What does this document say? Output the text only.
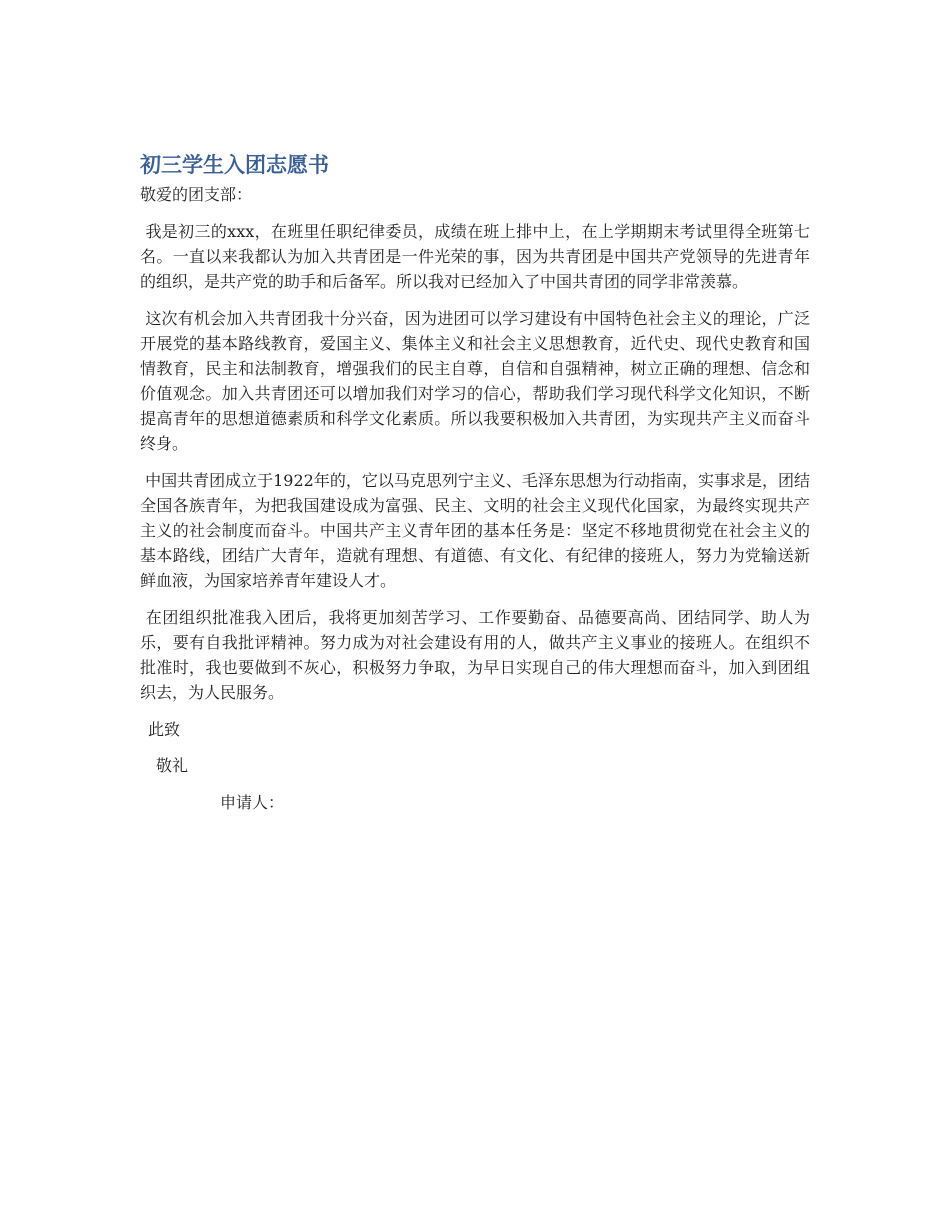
初三学生入团志愿书

敬爱的团支部：

我是初三的xxx，在班里任职纪律委员，成绩在班上排中上，在上学期期末考试里得全班第七名。一直以来我都认为加入共青团是一件光荣的事，因为共青团是中国共产党领导的先进青年的组织，是共产党的助手和后备军。所以我对已经加入了中国共青团的同学非常羡慕。

这次有机会加入共青团我十分兴奋，因为进团可以学习建设有中国特色社会主义的理论，广泛开展党的基本路线教育，爱国主义、集体主义和社会主义思想教育，近代史、现代史教育和国情教育，民主和法制教育，增强我们的民主自尊，自信和自强精神，树立正确的理想、信念和价值观念。加入共青团还可以增加我们对学习的信心，帮助我们学习现代科学文化知识，不断提高青年的思想道德素质和科学文化素质。所以我要积极加入共青团，为实现共产主义而奋斗终身。

中国共青团成立于1922年的，它以马克思列宁主义、毛泽东思想为行动指南，实事求是，团结全国各族青年，为把我国建设成为富强、民主、文明的社会主义现代化国家，为最终实现共产主义的社会制度而奋斗。中国共产主义青年团的基本任务是：坚定不移地贯彻党在社会主义的基本路线，团结广大青年，造就有理想、有道德、有文化、有纪律的接班人，努力为党输送新鲜血液，为国家培养青年建设人才。

在团组织批准我入团后，我将更加刻苦学习、工作要勤奋、品德要高尚、团结同学、助人为乐，要有自我批评精神。努力成为对社会建设有用的人，做共产主义事业的接班人。在组织不批准时，我也要做到不灰心，积极努力争取，为早日实现自己的伟大理想而奋斗，加入到团组织去，为人民服务。

此致

敬礼

申请人：
